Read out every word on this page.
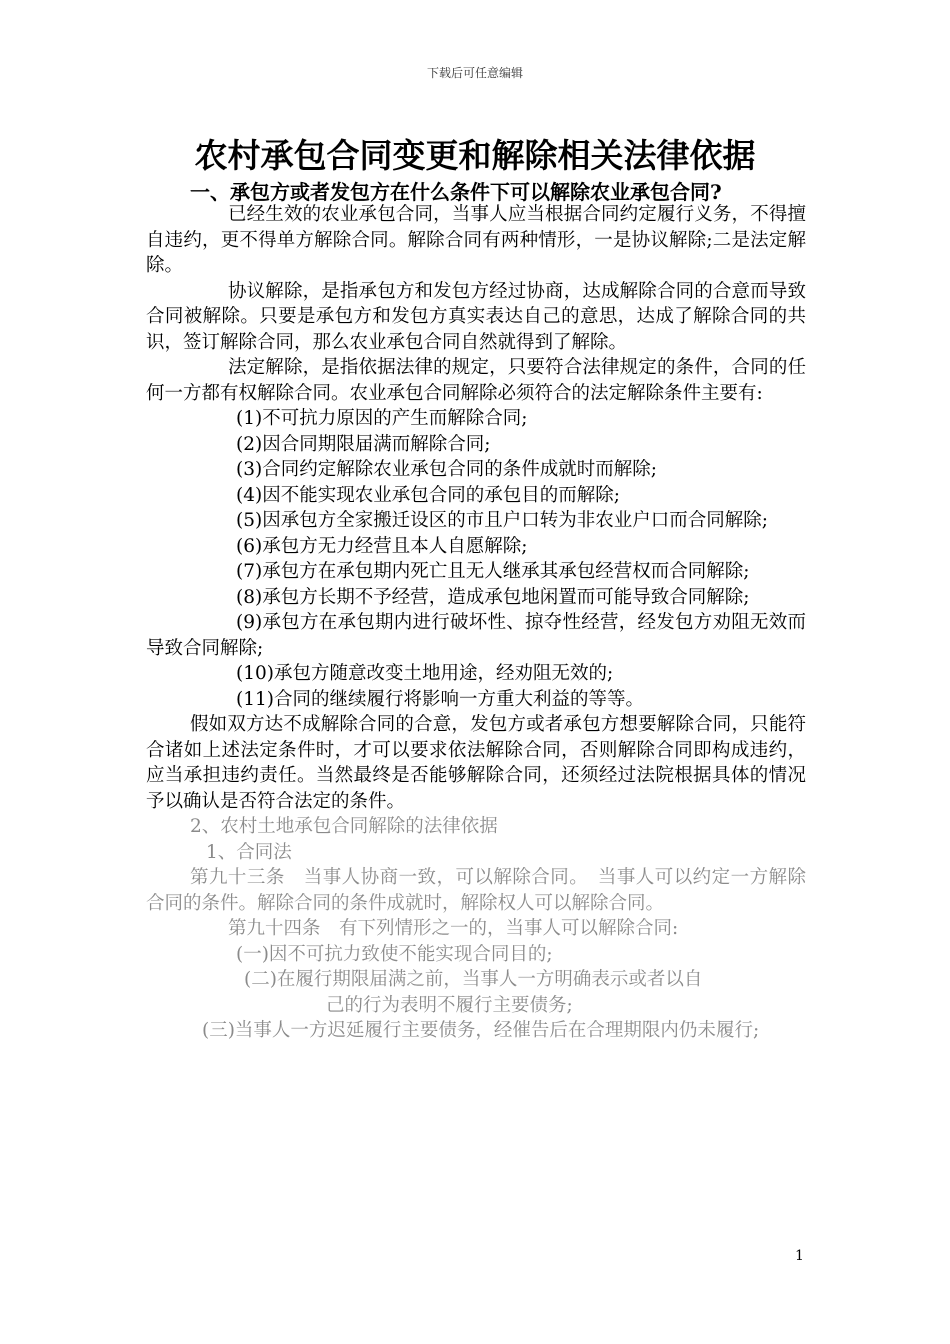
下载后可任意编辑
农村承包合同变更和解除相关法律依据
一、承包方或者发包方在什么条件下可以解除农业承包合同?

已经生效的农业承包合同，当事人应当根据合同约定履行义务，不得擅自违约，更不得单方解除合同。解除合同有两种情形，一是协议解除;二是法定解除。

协议解除，是指承包方和发包方经过协商，达成解除合同的合意而导致合同被解除。只要是承包方和发包方真实表达自己的意思，达成了解除合同的共识，签订解除合同，那么农业承包合同自然就得到了解除。

法定解除，是指依据法律的规定，只要符合法律规定的条件，合同的任何一方都有权解除合同。农业承包合同解除必须符合的法定解除条件主要有:

(1)不可抗力原因的产生而解除合同;

(2)因合同期限届满而解除合同;

(3)合同约定解除农业承包合同的条件成就时而解除;

(4)因不能实现农业承包合同的承包目的而解除;

(5)因承包方全家搬迁设区的市且户口转为非农业户口而合同解除;

(6)承包方无力经营且本人自愿解除;

(7)承包方在承包期内死亡且无人继承其承包经营权而合同解除;

(8)承包方长期不予经营，造成承包地闲置而可能导致合同解除;

(9)承包方在承包期内进行破坏性、掠夺性经营，经发包方劝阻无效而导致合同解除;

(10)承包方随意改变土地用途，经劝阻无效的;

(11)合同的继续履行将影响一方重大利益的等等。

假如双方达不成解除合同的合意，发包方或者承包方想要解除合同，只能符合诸如上述法定条件时，才可以要求依法解除合同，否则解除合同即构成违约，应当承担违约责任。当然最终是否能够解除合同，还须经过法院根据具体的情况予以确认是否符合法定的条件。

2、农村土地承包合同解除的法律依据

1、合同法

第九十三条　当事人协商一致，可以解除合同。　当事人可以约定一方解除合同的条件。解除合同的条件成就时，解除权人可以解除合同。

第九十四条　有下列情形之一的，当事人可以解除合同:

(一)因不可抗力致使不能实现合同目的;

(二)在履行期限届满之前，当事人一方明确表示或者以自

己的行为表明不履行主要债务;

(三)当事人一方迟延履行主要债务，经催告后在合理期限内仍未履行;

1
